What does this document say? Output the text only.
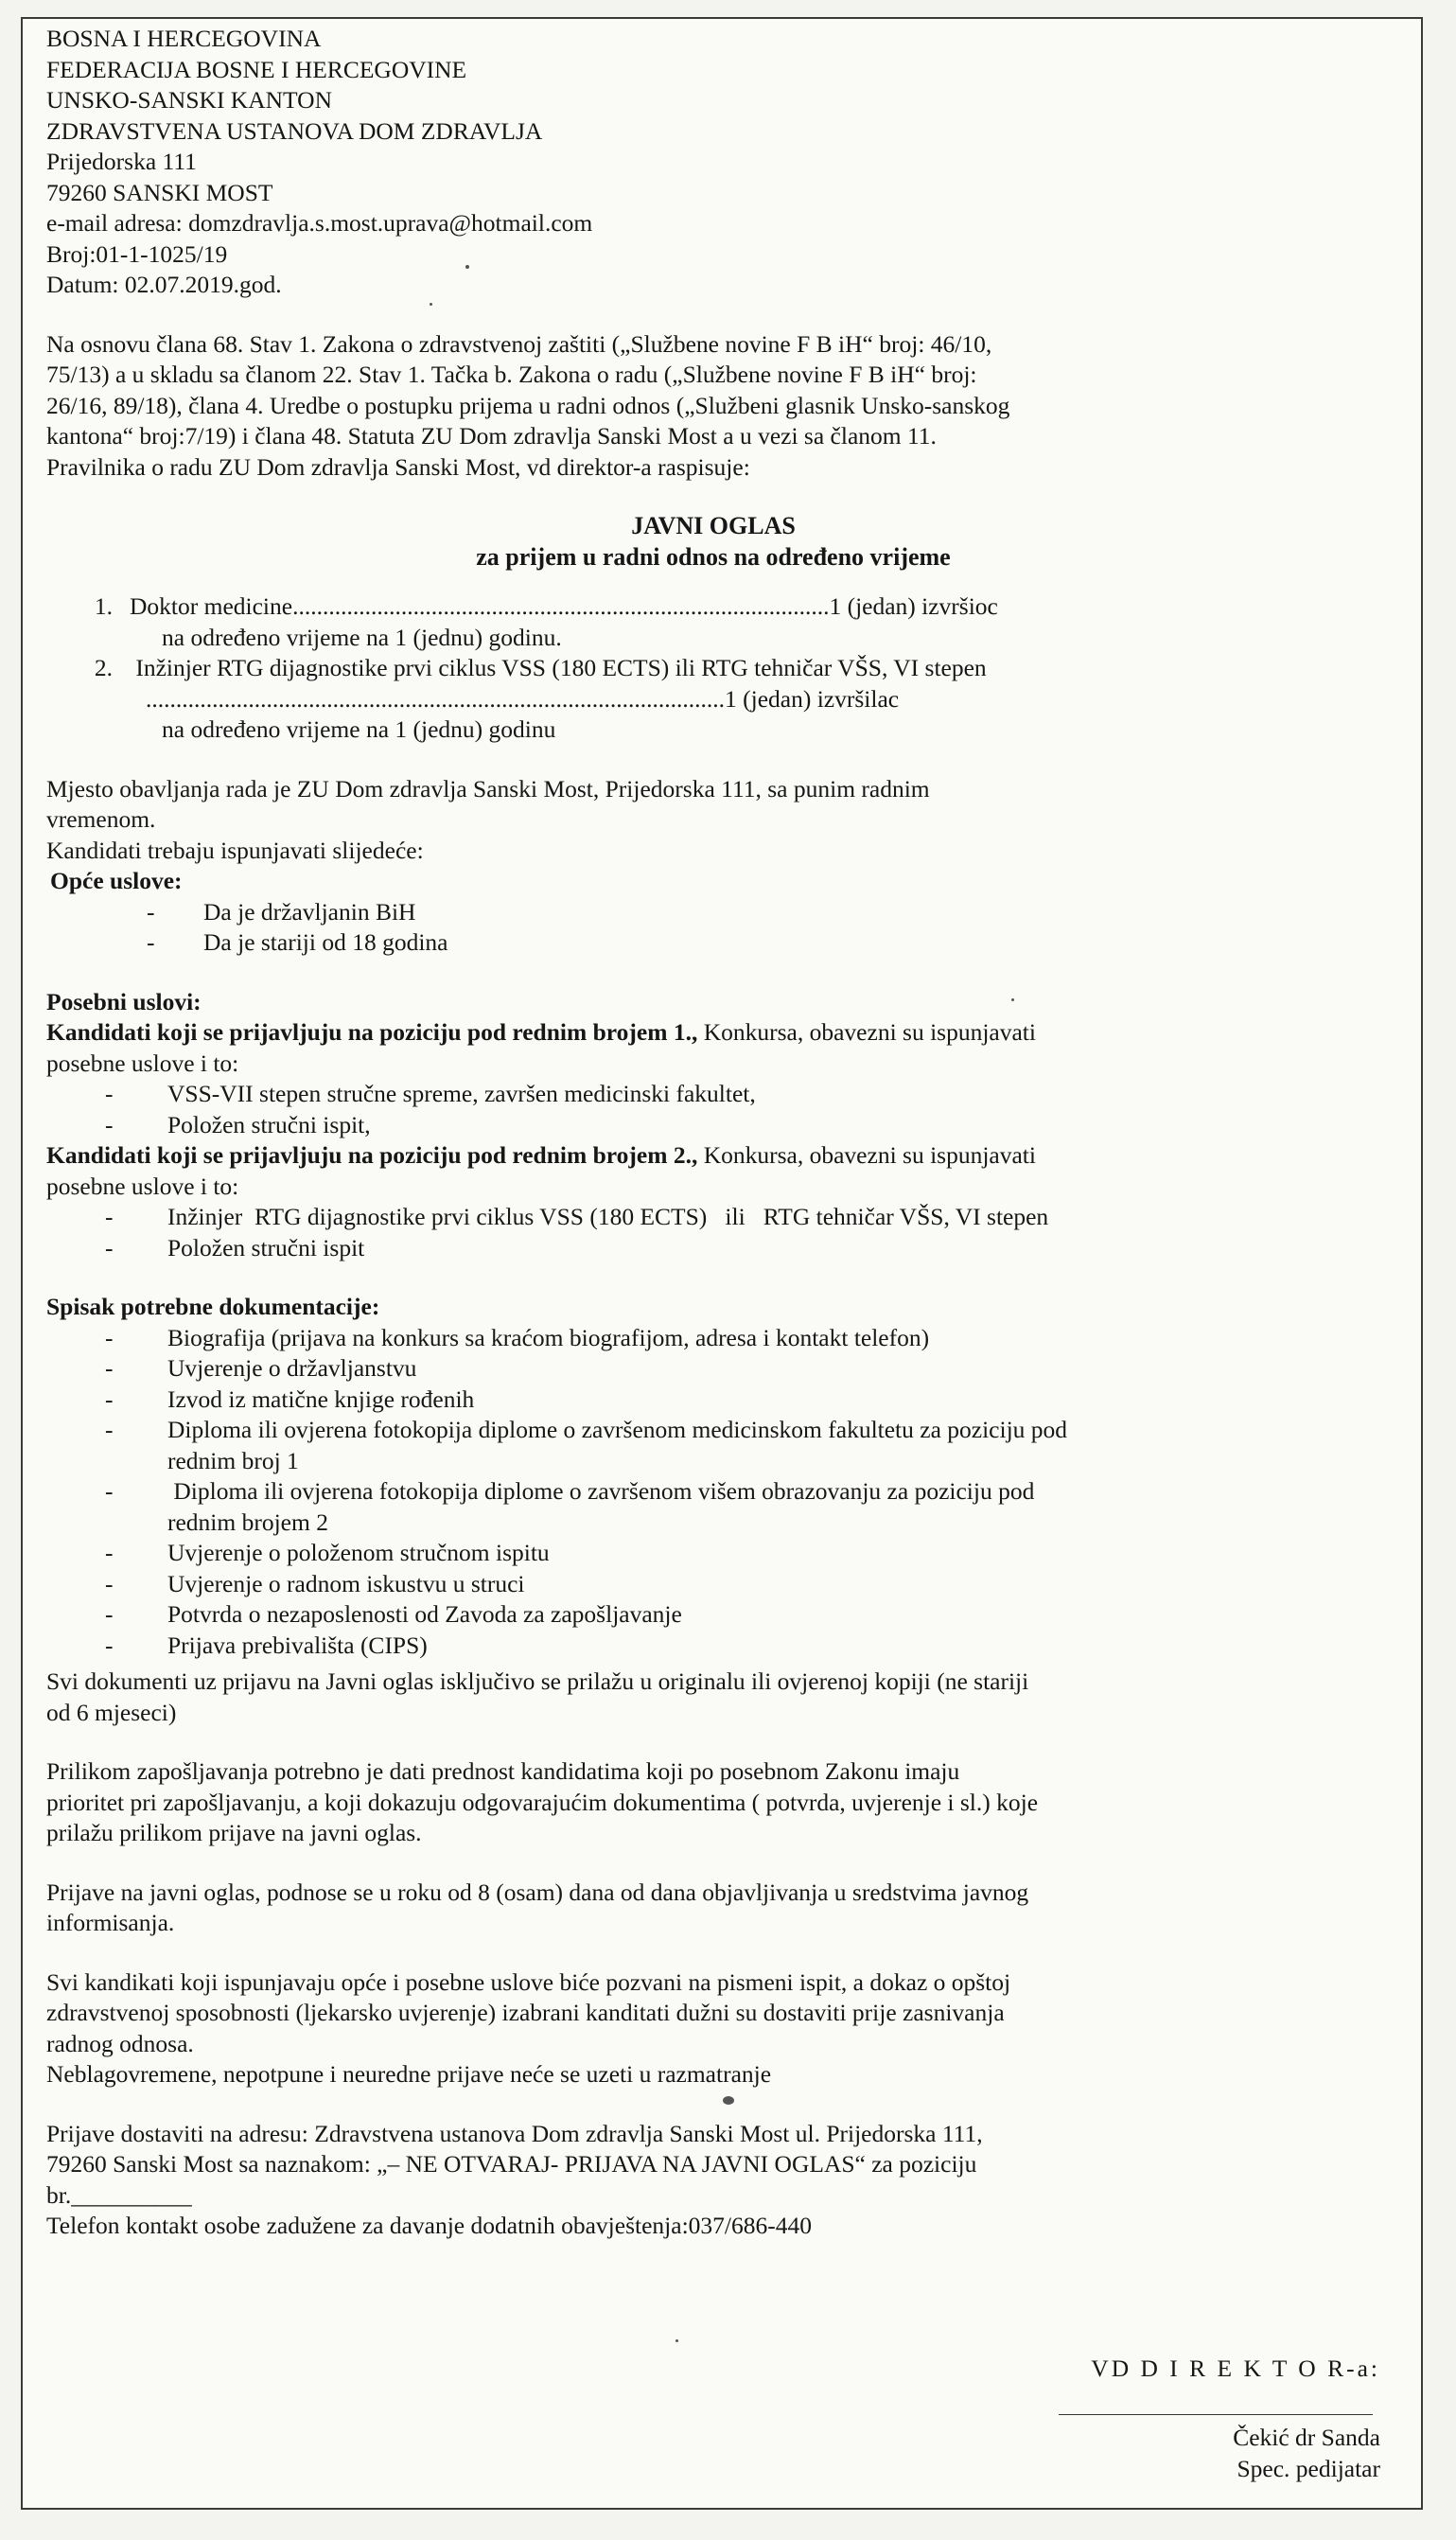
BOSNA I HERCEGOVINA
FEDERACIJA BOSNE I HERCEGOVINE
UNSKO-SANSKI KANTON
ZDRAVSTVENA USTANOVA DOM ZDRAVLJA
Prijedorska 111
79260 SANSKI MOST
e-mail adresa: domzdravlja.s.most.uprava@hotmail.com
Broj:01-1-1025/19
Datum: 02.07.2019.god.
Na osnovu člana 68. Stav 1. Zakona o zdravstvenoj zaštiti („Službene novine F B iH“ broj: 46/10,
75/13) a u skladu sa članom 22. Stav 1. Tačka b. Zakona o radu („Službene novine F B iH“ broj:
26/16, 89/18), člana 4. Uredbe o postupku prijema u radni odnos („Službeni glasnik Unsko-sanskog
kantona“ broj:7/19) i člana 48. Statuta ZU Dom zdravlja Sanski Most a u vezi sa članom 11.
Pravilnika o radu ZU Dom zdravlja Sanski Most, vd direktor-a raspisuje:
JAVNI OGLAS
za prijem u radni odnos na određeno vrijeme
1. Doktor medicine.........................................................................................1 (jedan) izvršioc
na određeno vrijeme na 1 (jednu) godinu.
2. Inžinjer RTG dijagnostike prvi ciklus VSS (180 ECTS) ili RTG tehničar VŠS, VI stepen
................................................................................................1 (jedan) izvršilac
na određeno vrijeme na 1 (jednu) godinu
Mjesto obavljanja rada je ZU Dom zdravlja Sanski Most, Prijedorska 111, sa punim radnim
vremenom.
Kandidati trebaju ispunjavati slijedeće:
Opće uslove:
-	Da je državljanin BiH
-	Da je stariji od 18 godina
Posebni uslovi:
Kandidati koji se prijavljuju na poziciju pod rednim brojem 1., Konkursa, obavezni su ispunjavati
posebne uslove i to:
-	VSS-VII stepen stručne spreme, završen medicinski fakultet,
-	Položen stručni ispit,
Kandidati koji se prijavljuju na poziciju pod rednim brojem 2., Konkursa, obavezni su ispunjavati
posebne uslove i to:
-	Inžinjer  RTG dijagnostike prvi ciklus VSS (180 ECTS)   ili   RTG tehničar VŠS, VI stepen
-	Položen stručni ispit
Spisak potrebne dokumentacije:
-	Biografija (prijava na konkurs sa kraćom biografijom, adresa i kontakt telefon)
-	Uvjerenje o državljanstvu
-	Izvod iz matične knjige rođenih
-	Diploma ili ovjerena fotokopija diplome o završenom medicinskom fakultetu za poziciju pod
rednim broj 1
-	Diploma ili ovjerena fotokopija diplome o završenom višem obrazovanju za poziciju pod
rednim brojem 2
-	Uvjerenje o položenom stručnom ispitu
-	Uvjerenje o radnom iskustvu u struci
-	Potvrda o nezaposlenosti od Zavoda za zapošljavanje
-	Prijava prebivališta (CIPS)
Svi dokumenti uz prijavu na Javni oglas isključivo se prilažu u originalu ili ovjerenoj kopiji (ne stariji
od 6 mjeseci)
Prilikom zapošljavanja potrebno je dati prednost kandidatima koji po posebnom Zakonu imaju
prioritet pri zapošljavanju, a koji dokazuju odgovarajućim dokumentima ( potvrda, uvjerenje i sl.) koje
prilažu prilikom prijave na javni oglas.
Prijave na javni oglas, podnose se u roku od 8 (osam) dana od dana objavljivanja u sredstvima javnog
informisanja.
Svi kandikati koji ispunjavaju opće i posebne uslove biće pozvani na pismeni ispit, a dokaz o opštoj
zdravstvenoj sposobnosti (ljekarsko uvjerenje) izabrani kanditati dužni su dostaviti prije zasnivanja
radnog odnosa.
Neblagovremene, nepotpune i neuredne prijave neće se uzeti u razmatranje
Prijave dostaviti na adresu: Zdravstvena ustanova Dom zdravlja Sanski Most ul. Prijedorska 111,
79260 Sanski Most sa naznakom: „– NE OTVARAJ- PRIJAVA NA JAVNI OGLAS“ za poziciju
br.__________
Telefon kontakt osobe zadužene za davanje dodatnih obavještenja:037/686-440
VD D I R E K T O R-a:
Čekić dr Sanda
Spec. pedijatar
